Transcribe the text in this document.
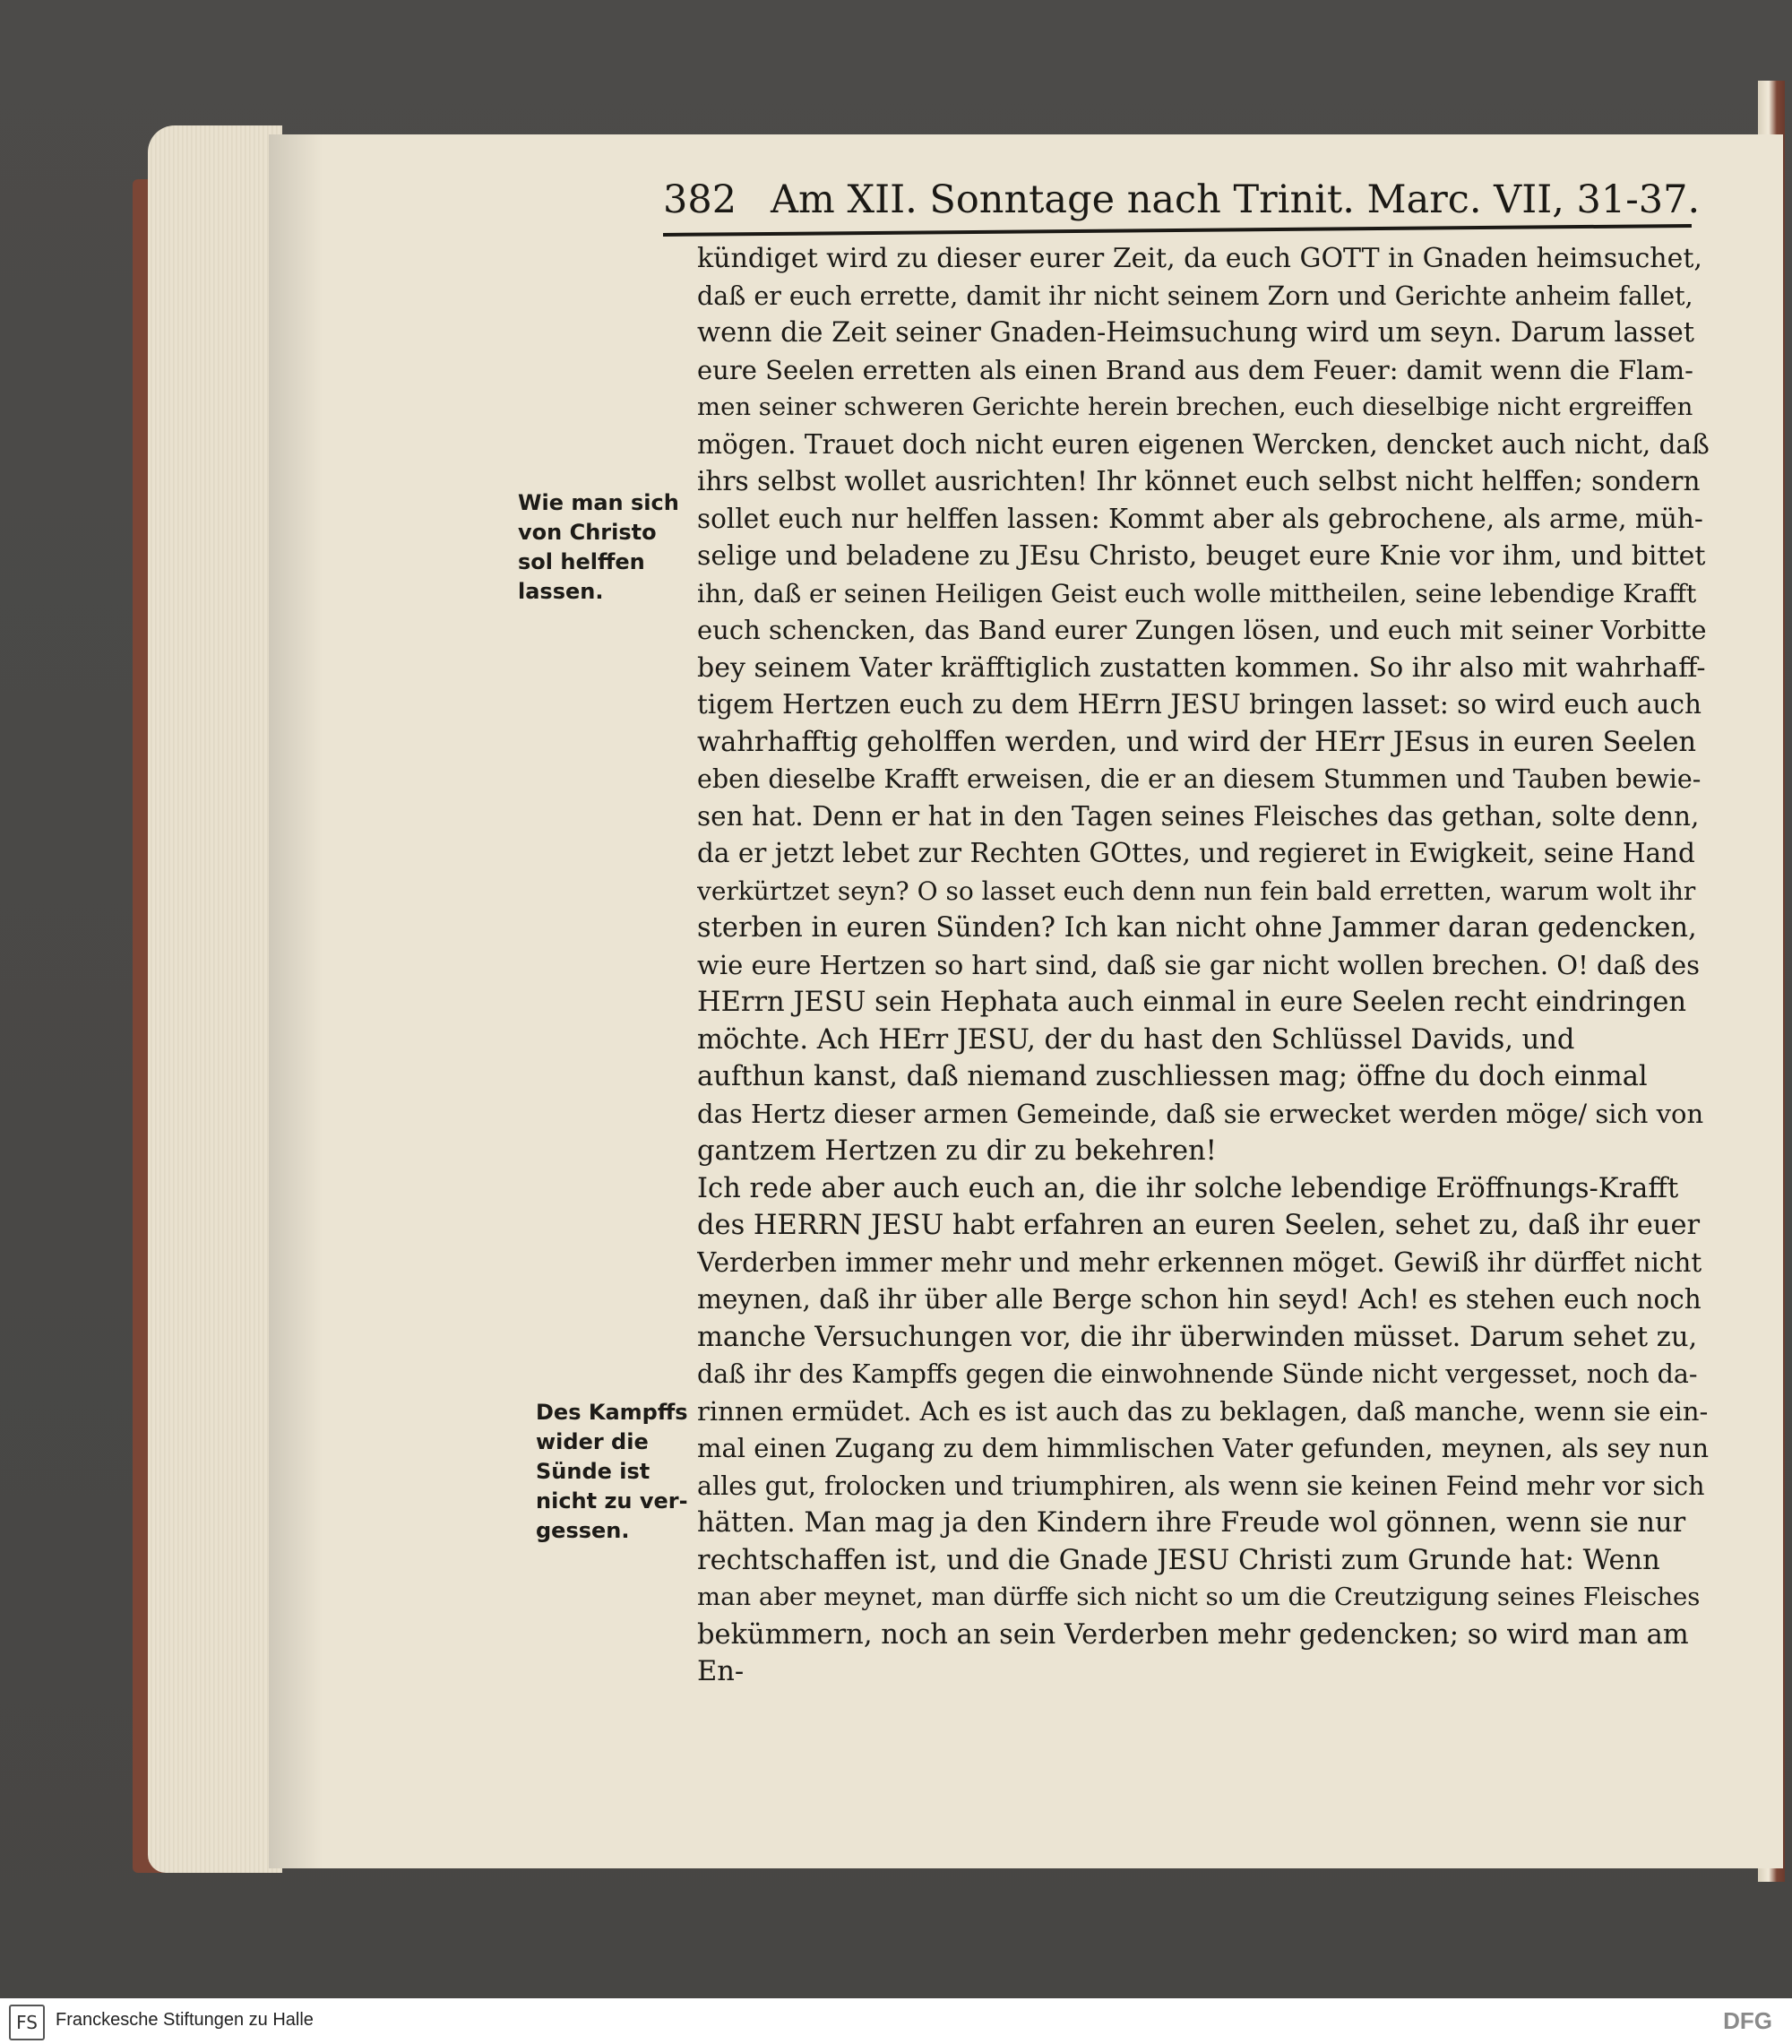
382 Am XII. Sonntage nach Trinit. Marc. VII, 31-37.
kündiget wird zu dieser eurer Zeit, da euch GOTT in Gnaden heimsuchet,
daß er euch errette, damit ihr nicht seinem Zorn und Gerichte anheim fallet,
wenn die Zeit seiner Gnaden-Heimsuchung wird um seyn. Darum lasset
eure Seelen erretten als einen Brand aus dem Feuer: damit wenn die Flam-
men seiner schweren Gerichte herein brechen, euch dieselbige nicht ergreiffen
mögen. Trauet doch nicht euren eigenen Wercken, dencket auch nicht, daß
ihrs selbst wollet ausrichten! Ihr könnet euch selbst nicht helffen; sondern
sollet euch nur helffen lassen: Kommt aber als gebrochene, als arme, müh-
selige und beladene zu JEsu Christo, beuget eure Knie vor ihm, und bittet
ihn, daß er seinen Heiligen Geist euch wolle mittheilen, seine lebendige Krafft
euch schencken, das Band eurer Zungen lösen, und euch mit seiner Vorbitte
bey seinem Vater kräfftiglich zustatten kommen. So ihr also mit wahrhaff-
tigem Hertzen euch zu dem HErrn JESU bringen lasset: so wird euch auch
wahrhafftig geholffen werden, und wird der HErr JEsus in euren Seelen
eben dieselbe Krafft erweisen, die er an diesem Stummen und Tauben bewie-
sen hat. Denn er hat in den Tagen seines Fleisches das gethan, solte denn,
da er jetzt lebet zur Rechten GOttes, und regieret in Ewigkeit, seine Hand
verkürtzet seyn? O so lasset euch denn nun fein bald erretten, warum wolt ihr
sterben in euren Sünden? Ich kan nicht ohne Jammer daran gedencken,
wie eure Hertzen so hart sind, daß sie gar nicht wollen brechen. O! daß des
HErrn JESU sein Hephata auch einmal in eure Seelen recht eindringen
möchte. Ach HErr JESU, der du hast den Schlüssel Davids, und
aufthun kanst, daß niemand zuschliessen mag; öffne du doch einmal
das Hertz dieser armen Gemeinde, daß sie erwecket werden möge/ sich von
gantzem Hertzen zu dir zu bekehren!
Ich rede aber auch euch an, die ihr solche lebendige Eröffnungs-Krafft
des HERRN JESU habt erfahren an euren Seelen, sehet zu, daß ihr euer
Verderben immer mehr und mehr erkennen möget. Gewiß ihr dürffet nicht
meynen, daß ihr über alle Berge schon hin seyd! Ach! es stehen euch noch
manche Versuchungen vor, die ihr überwinden müsset. Darum sehet zu,
daß ihr des Kampffs gegen die einwohnende Sünde nicht vergesset, noch da-
rinnen ermüdet. Ach es ist auch das zu beklagen, daß manche, wenn sie ein-
mal einen Zugang zu dem himmlischen Vater gefunden, meynen, als sey nun
alles gut, frolocken und triumphiren, als wenn sie keinen Feind mehr vor sich
hätten. Man mag ja den Kindern ihre Freude wol gönnen, wenn sie nur
rechtschaffen ist, und die Gnade JESU Christi zum Grunde hat: Wenn
man aber meynet, man dürffe sich nicht so um die Creutzigung seines Fleisches
bekümmern, noch an sein Verderben mehr gedencken; so wird man am
En-
Wie man sich
von Christo
sol helffen
lassen.
Des Kampffs
wider die
Sünde ist
nicht zu ver-
gessen.
FS	Franckesche Stiftungen zu Halle	DFG
